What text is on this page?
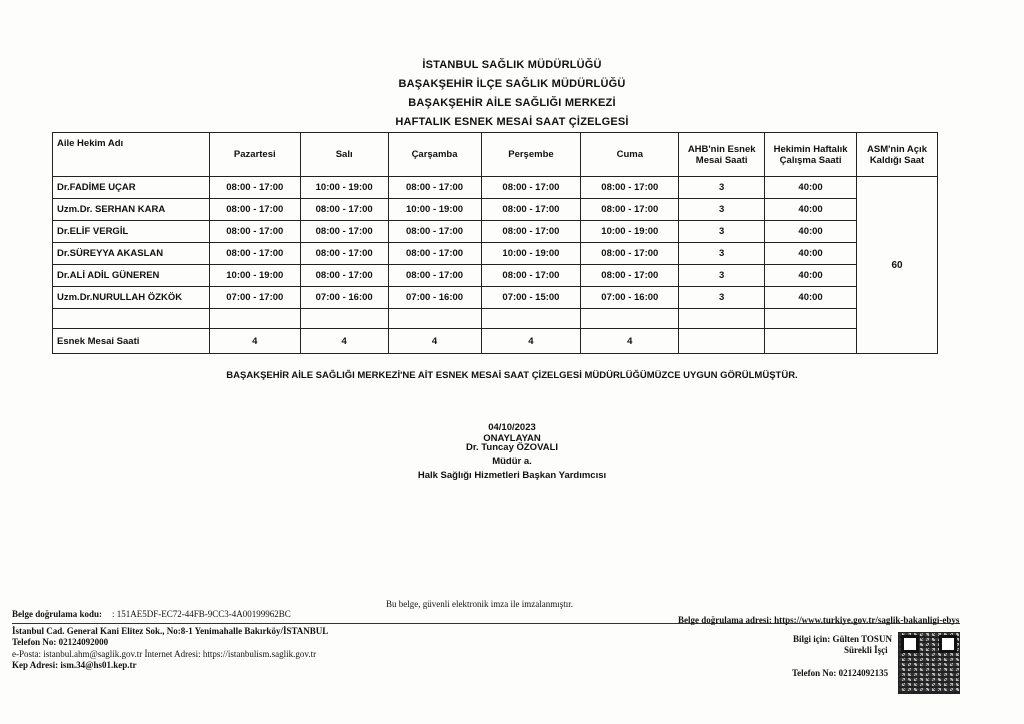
İSTANBUL SAĞLIK MÜDÜRLÜĞÜ
BAŞAKŞEHİR İLÇE SAĞLIK MÜDÜRLÜĞÜ
BAŞAKŞEHİR AİLE SAĞLIĞI MERKEZİ
HAFTALIK ESNEK MESAİ SAAT ÇİZELGESİ
Aile Hekim Adı	Pazartesi	Salı	Çarşamba	Perşembe	Cuma	AHB'nin Esnek Mesai Saati	Hekimin Haftalık Çalışma Saati	ASM'nin Açık Kaldığı Saat
Dr.FADİME UÇAR	08:00 - 17:00	10:00 - 19:00	08:00 - 17:00	08:00 - 17:00	08:00 - 17:00	3	40:00	60
Uzm.Dr. SERHAN KARA	08:00 - 17:00	08:00 - 17:00	10:00 - 19:00	08:00 - 17:00	08:00 - 17:00	3	40:00	
Dr.ELİF VERGİL	08:00 - 17:00	08:00 - 17:00	08:00 - 17:00	08:00 - 17:00	10:00 - 19:00	3	40:00	
Dr.SÜREYYA AKASLAN	08:00 - 17:00	08:00 - 17:00	08:00 - 17:00	10:00 - 19:00	08:00 - 17:00	3	40:00	
Dr.ALİ ADİL GÜNEREN	10:00 - 19:00	08:00 - 17:00	08:00 - 17:00	08:00 - 17:00	08:00 - 17:00	3	40:00	
Uzm.Dr.NURULLAH ÖZKÖK	07:00 - 17:00	07:00 - 16:00	07:00 - 16:00	07:00 - 15:00	07:00 - 16:00	3	40:00	

Esnek Mesai Saati	4	4	4	4	4			
BAŞAKŞEHİR AİLE SAĞLIĞI MERKEZİ'NE AİT ESNEK MESAİ SAAT ÇİZELGESİ MÜDÜRLÜĞÜMÜZCE UYGUN GÖRÜLMÜŞTÜR.
04/10/2023
ONAYLAYAN
Dr. Tuncay ÖZOVALI
Müdür a.
Halk Sağlığı Hizmetleri Başkan Yardımcısı
Bu belge, güvenli elektronik imza ile imzalanmıştır.
Belge doğrulama kodu: : 151AE5DF-EC72-44FB-9CC3-4A00199962BC
Belge doğrulama adresi: https://www.turkiye.gov.tr/saglik-bakanligi-ebys
İstanbul Cad. General Kani Elitez Sok., No:8-1 Yenimahalle Bakırköy/İSTANBUL
Telefon No: 02124092000
e-Posta: istanbul.ahm@saglik.gov.tr İnternet Adresi: https://istanbulism.saglik.gov.tr
Kep Adresi: ism.34@hs01.kep.tr
Bilgi için: Gülten TOSUN
Sürekli İşçi
Telefon No: 02124092135
